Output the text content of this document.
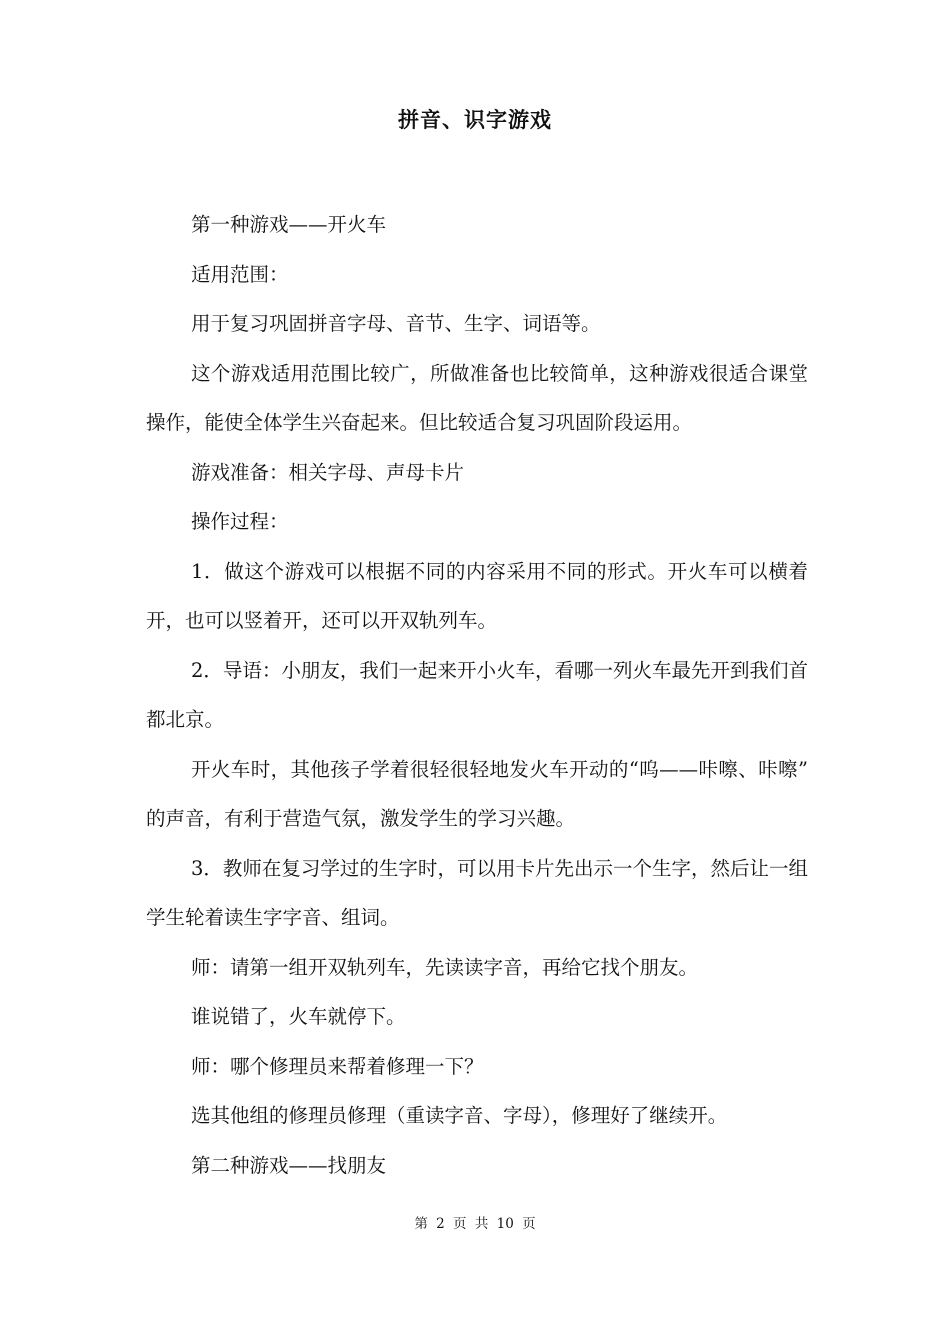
拼音、识字游戏

第一种游戏——开火车

适用范围：

用于复习巩固拼音字母、音节、生字、词语等。

这个游戏适用范围比较广，所做准备也比较简单，这种游戏很适合课堂操作，能使全体学生兴奋起来。但比较适合复习巩固阶段运用。

游戏准备：相关字母、声母卡片

操作过程：

1．做这个游戏可以根据不同的内容采用不同的形式。开火车可以横着开，也可以竖着开，还可以开双轨列车。

2．导语：小朋友，我们一起来开小火车，看哪一列火车最先开到我们首都北京。

开火车时，其他孩子学着很轻很轻地发火车开动的“呜——咔嚓、咔嚓” 的声音，有利于营造气氛，激发学生的学习兴趣。

3．教师在复习学过的生字时，可以用卡片先出示一个生字，然后让一组学生轮着读生字字音、组词。

师：请第一组开双轨列车，先读读字音，再给它找个朋友。

谁说错了，火车就停下。

师：哪个修理员来帮着修理一下？

选其他组的修理员修理（重读字音、字母），修理好了继续开。

第二种游戏——找朋友

第 2 页 共 10 页
